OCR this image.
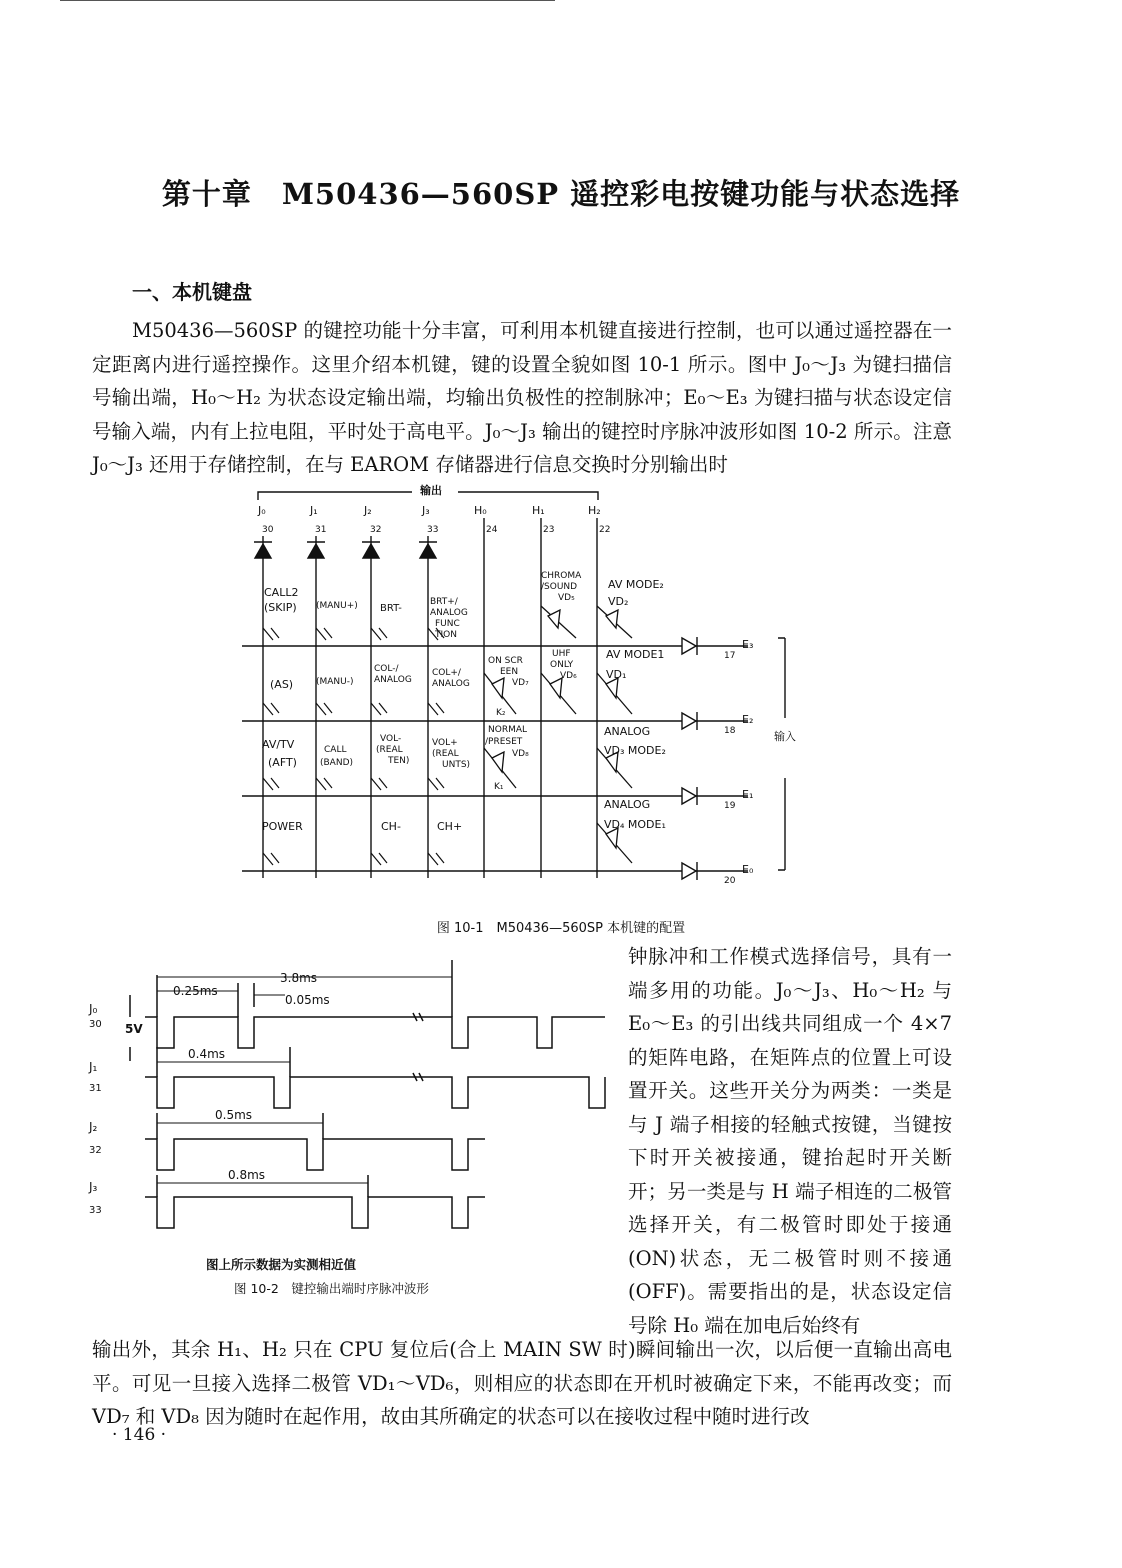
第十章　M50436—560SP 遥控彩电按键功能与状态选择
一、本机键盘
M50436—560SP 的键控功能十分丰富，可利用本机键直接进行控制，也可以通过遥控器在一定距离内进行遥控操作。这里介绍本机键，键的设置全貌如图 10-1 所示。图中 J₀～J₃ 为键扫描信号输出端，H₀～H₂ 为状态设定输出端，均输出负极性的控制脉冲；E₀～E₃ 为键扫描与状态设定信号输入端，内有上拉电阻，平时处于高电平。J₀～J₃ 输出的键控时序脉冲波形如图 10-2 所示。注意 J₀～J₃ 还用于存储控制，在与 EAROM 存储器进行信息交换时分别输出时
输出
输入
J₀	J₁	J₂	J₃	H₀	H₁	H₂
30	31	32	33	24	23	22
17
18
19
20
E₃
E₂
E₁
E₀
CALL2
(SKIP) (MANU+) BRT-
BRT+/
ANALOG
FUNC
TION
(AS)	(MANU-)
COL-/
ANALOG
COL+/
ANALOG
AV/TV
(AFT)
CALL
(BAND)
VOL-
(REAL
TEN)
VOL+
(REAL
UNTS)
POWER	CH-	CH+
CHROMA
/SOUND
VD₅
ON SCR
EEN
VD₇
K₂
UHF
ONLY
VD₆
NORMAL
/PRESET
VD₈
K₁
AV MODE₂
VD₂
AV MODE1
VD₁
ANALOG
VD₃ MODE₂
ANALOG
VD₄ MODE₁
图 10-1　M50436—560SP 本机键的配置
3.8ms
0.25ms
0.05ms
0.4ms
0.5ms
0.8ms
5V
J₀
30
J₁
31
J₂
32
J₃
33
图上所示数据为实测相近值
图 10-2　键控输出端时序脉冲波形
钟脉冲和工作模式选择信号，具有一端多用的功能。J₀～J₃、H₀～H₂ 与 E₀～E₃ 的引出线共同组成一个 4×7 的矩阵电路，在矩阵点的位置上可设置开关。这些开关分为两类：一类是与 J 端子相接的轻触式按键，当键按下时开关被接通，键抬起时开关断开；另一类是与 H 端子相连的二极管选择开关，有二极管时即处于接通(ON)状态，无二极管时则不接通(OFF)。需要指出的是，状态设定信号除 H₀ 端在加电后始终有
输出外，其余 H₁、H₂ 只在 CPU 复位后(合上 MAIN SW 时)瞬间输出一次，以后便一直输出高电平。可见一旦接入选择二极管 VD₁～VD₆，则相应的状态即在开机时被确定下来，不能再改变；而 VD₇ 和 VD₈ 因为随时在起作用，故由其所确定的状态可以在接收过程中随时进行改
· 146 ·
